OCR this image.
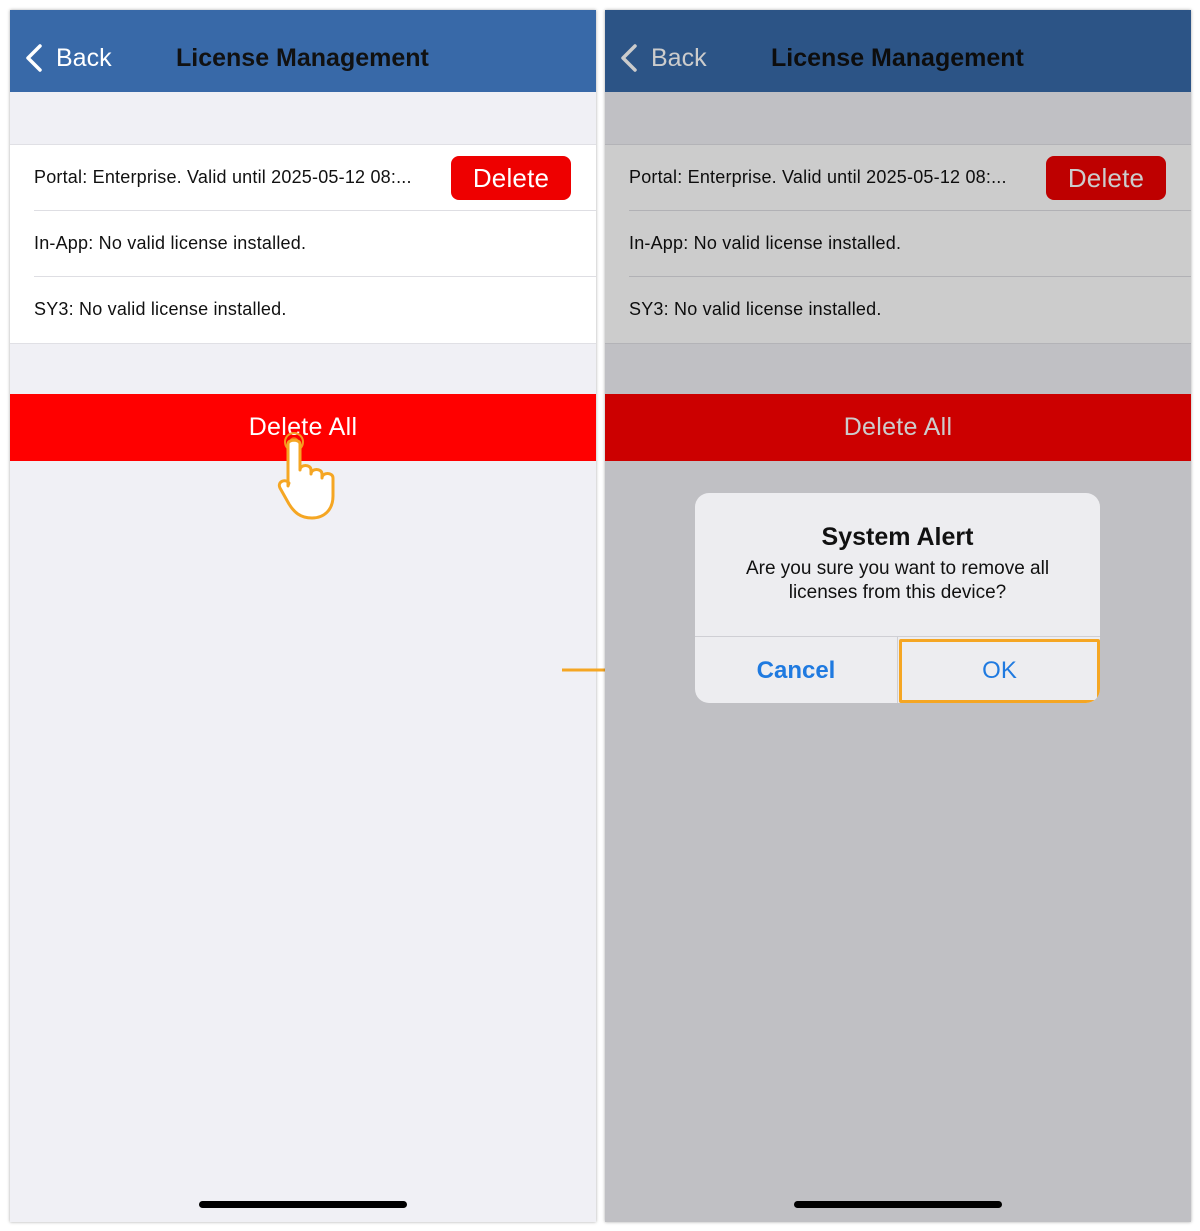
Back	License Management
Portal: Enterprise. Valid until 2025-05-12 08:...	Delete
In-App: No valid license installed.
SY3: No valid license installed.
Delete All
Back	License Management
Portal: Enterprise. Valid until 2025-05-12 08:...	Delete
In-App: No valid license installed.
SY3: No valid license installed.
Delete All
System Alert
Are you sure you want to remove all licenses from this device?
Cancel	OK
